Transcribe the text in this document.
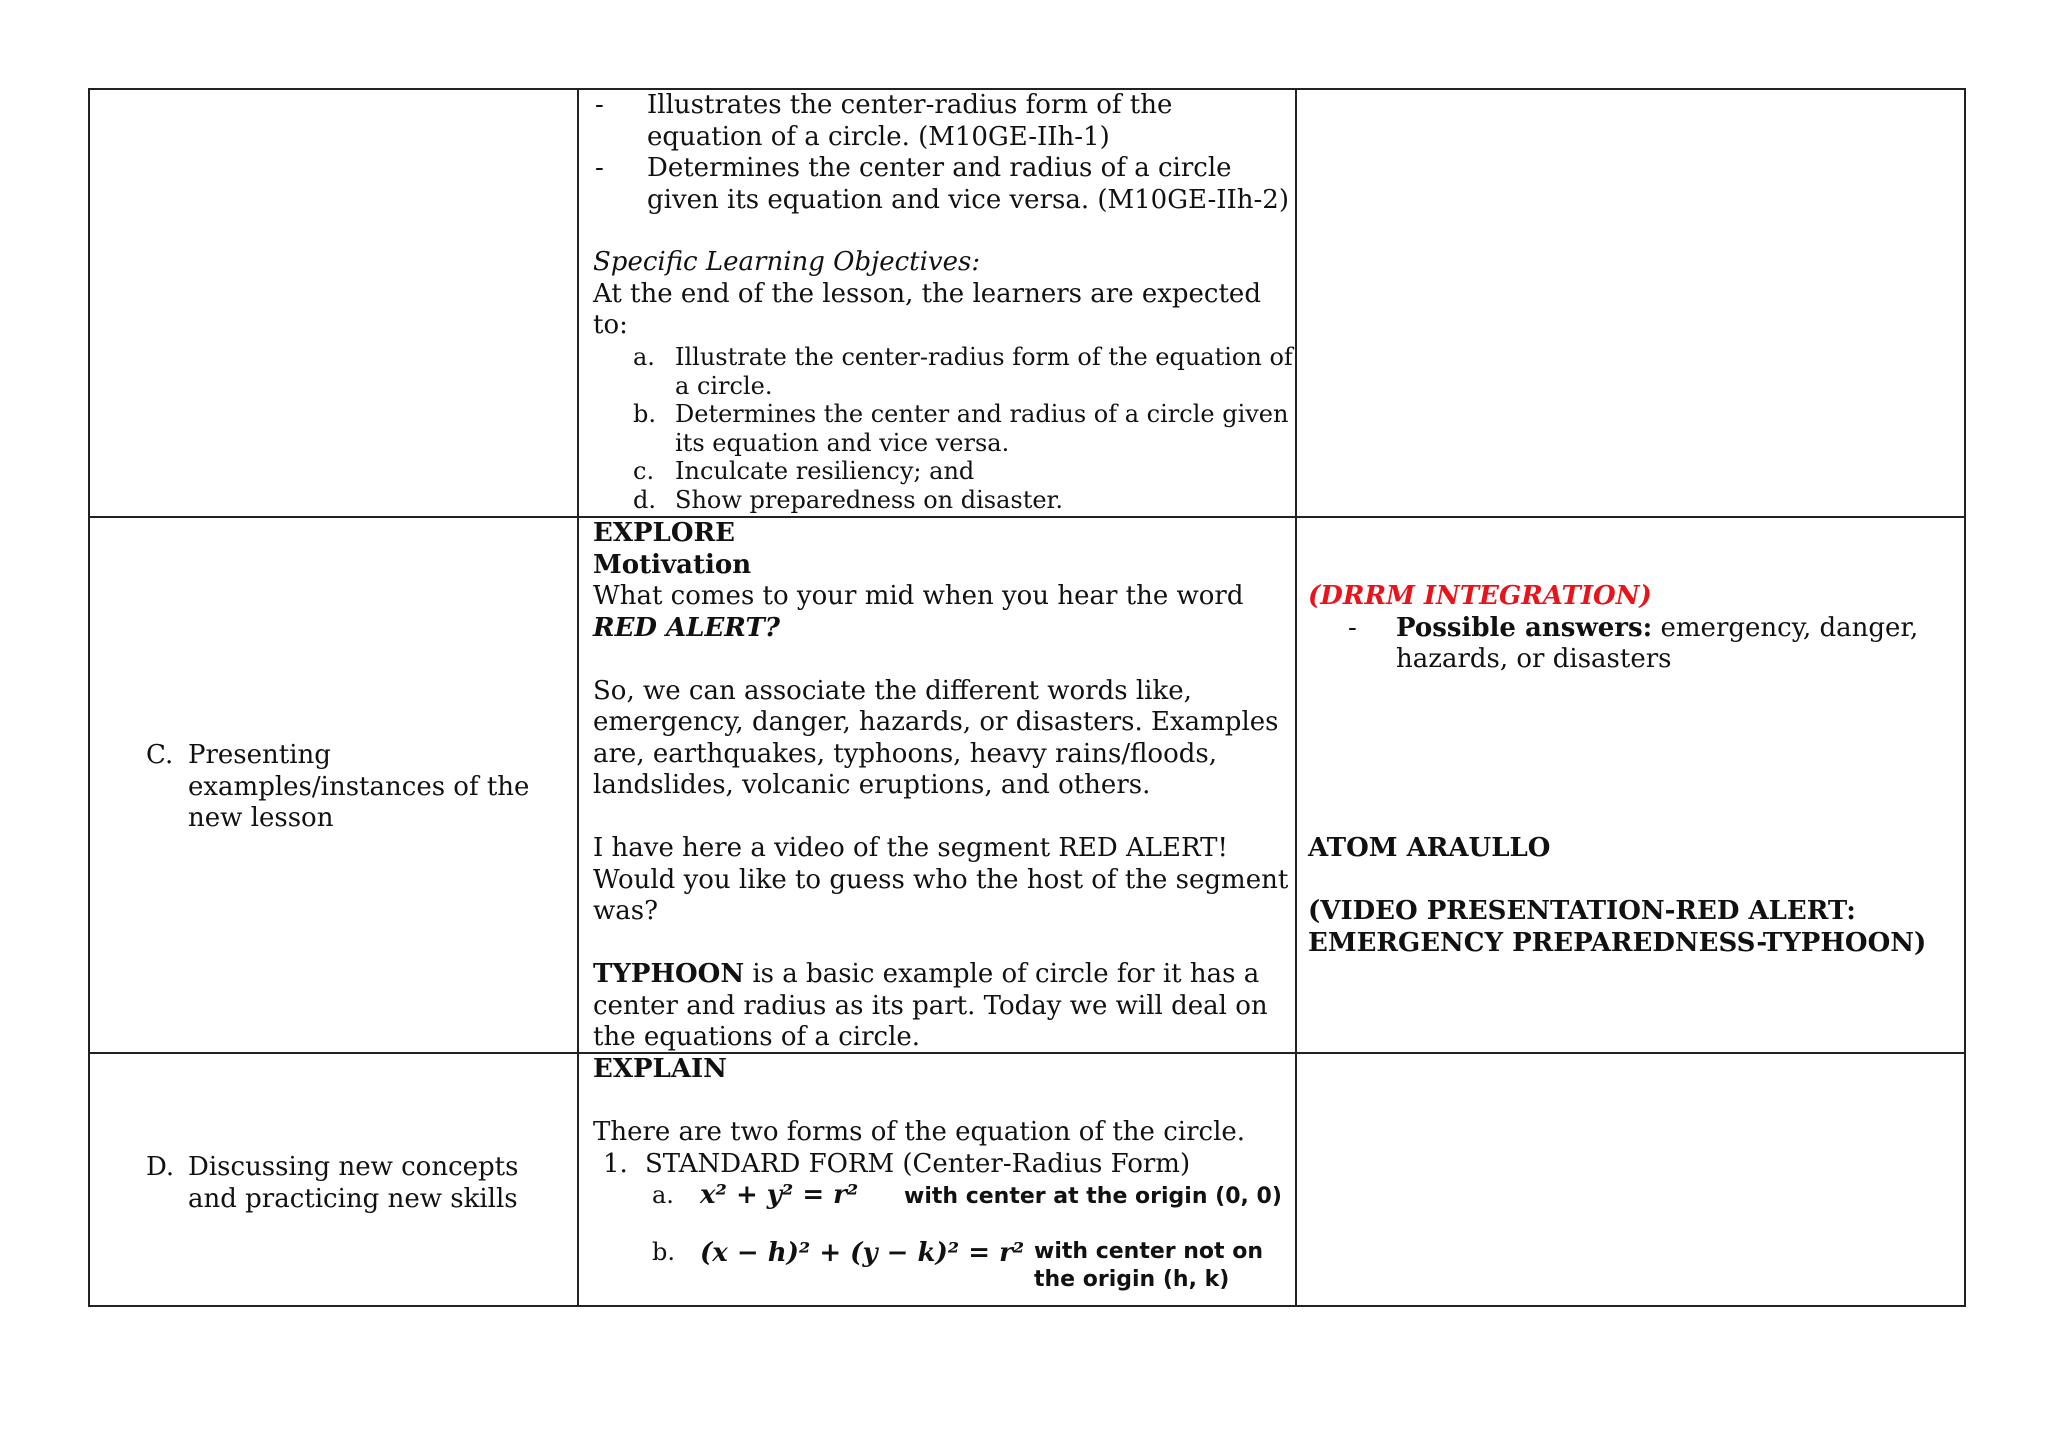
- Illustrates the center-radius form of the
equation of a circle. (M10GE-IIh-1)
- Determines the center and radius of a circle
given its equation and vice versa. (M10GE-IIh-2)
Specific Learning Objectives:
At the end of the lesson, the learners are expected
to:
a. Illustrate the center-radius form of the equation of
a circle.
b. Determines the center and radius of a circle given
its equation and vice versa.
c. Inculcate resiliency; and
d. Show preparedness on disaster.
C. Presenting
examples/instances of the
new lesson
EXPLORE
Motivation
What comes to your mid when you hear the word
RED ALERT?
So, we can associate the different words like,
emergency, danger, hazards, or disasters. Examples
are, earthquakes, typhoons, heavy rains/floods,
landslides, volcanic eruptions, and others.
I have here a video of the segment RED ALERT!
Would you like to guess who the host of the segment
was?
TYPHOON is a basic example of circle for it has a
center and radius as its part. Today we will deal on
the equations of a circle.
(DRRM INTEGRATION)
- Possible answers: emergency, danger,
hazards, or disasters
ATOM ARAULLO
(VIDEO PRESENTATION-RED ALERT:
EMERGENCY PREPAREDNESS-TYPHOON)
D. Discussing new concepts
and practicing new skills
EXPLAIN
There are two forms of the equation of the circle.
1. STANDARD FORM (Center-Radius Form)
a. x² + y² = r² with center at the origin (0, 0)
b. (x − h)² + (y − k)² = r² with center not on
the origin (h, k)
